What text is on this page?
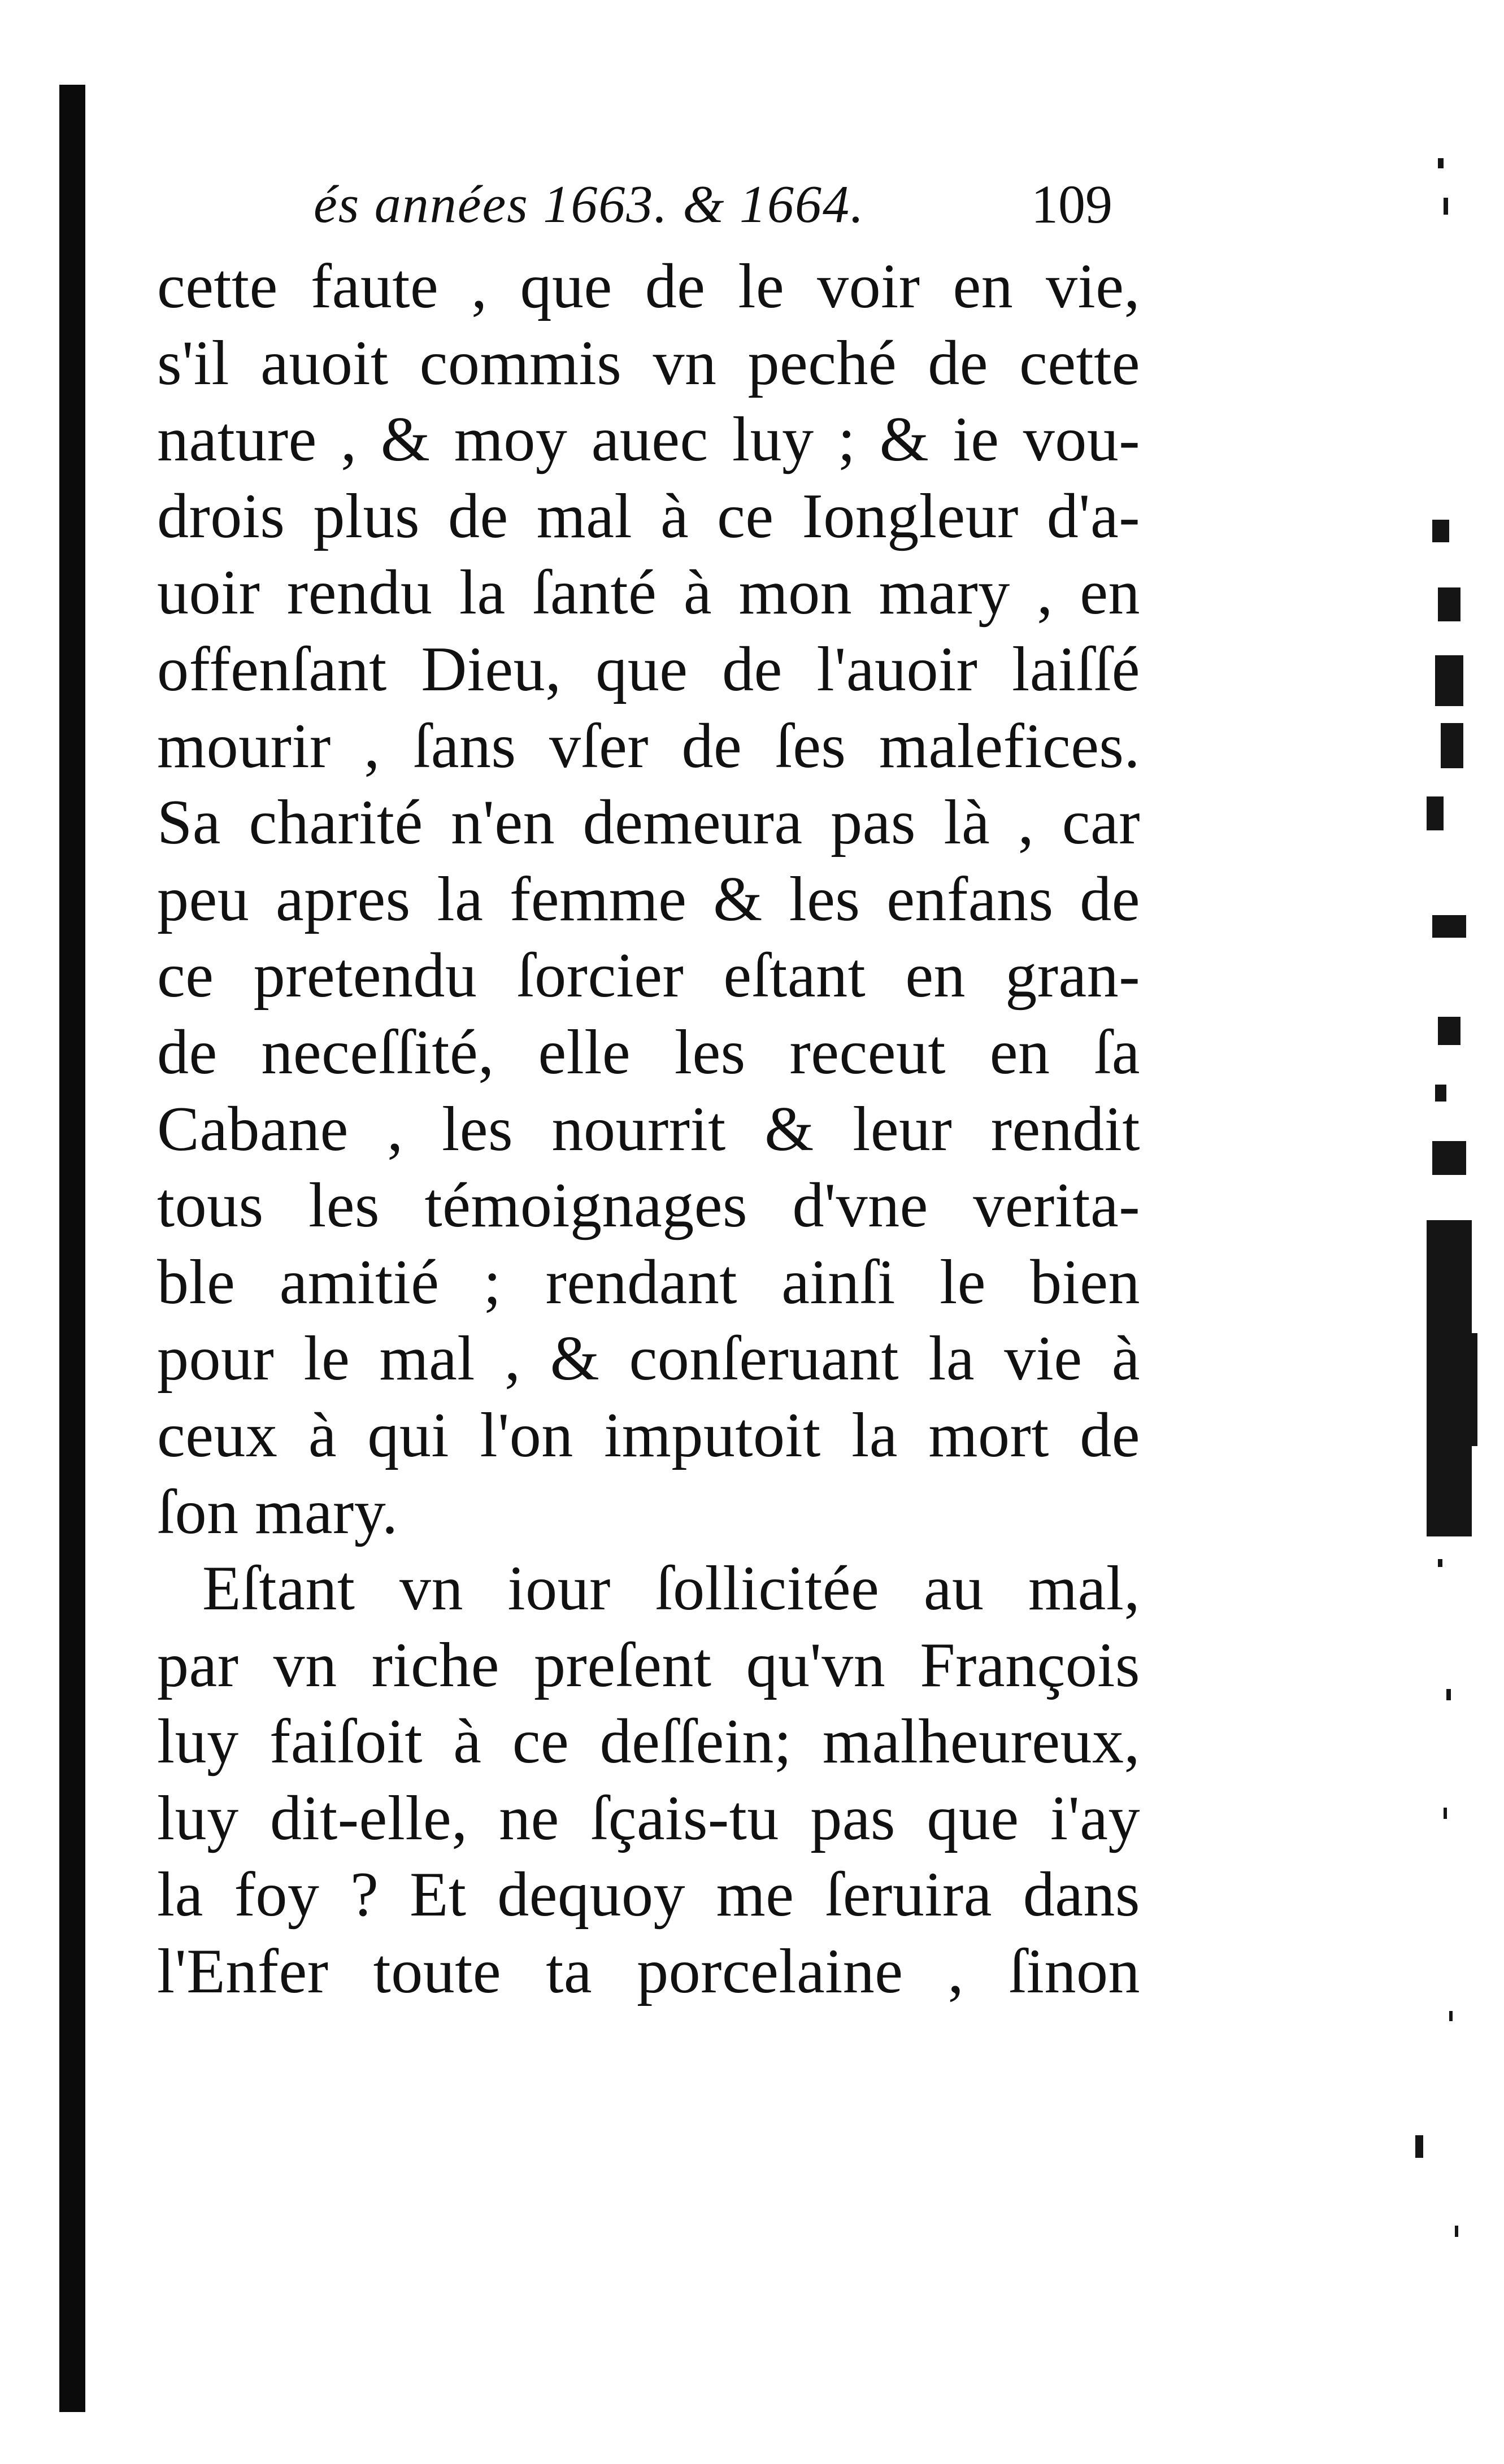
és années 1663. & 1664.	109
cette faute , que de le voir en vie,
s'il auoit commis vn peché de cette
nature , & moy auec luy ; & ie vou-
drois plus de mal à ce Iongleur d'a-
uoir rendu la ſanté à mon mary , en
offenſant Dieu, que de l'auoir laiſſé
mourir , ſans vſer de ſes malefices.
Sa charité n'en demeura pas là , car
peu apres la femme & les enfans de
ce pretendu ſorcier eſtant en gran-
de neceſſité, elle les receut en ſa
Cabane , les nourrit & leur rendit
tous les témoignages d'vne verita-
ble amitié ; rendant ainſi le bien
pour le mal , & conſeruant la vie à
ceux à qui l'on imputoit la mort de
ſon mary.
Eſtant vn iour ſollicitée au mal,
par vn riche preſent qu'vn François
luy faiſoit à ce deſſein; malheureux,
luy dit-elle, ne ſçais-tu pas que i'ay
la foy ? Et dequoy me ſeruira dans
l'Enfer toute ta porcelaine , ſinon
